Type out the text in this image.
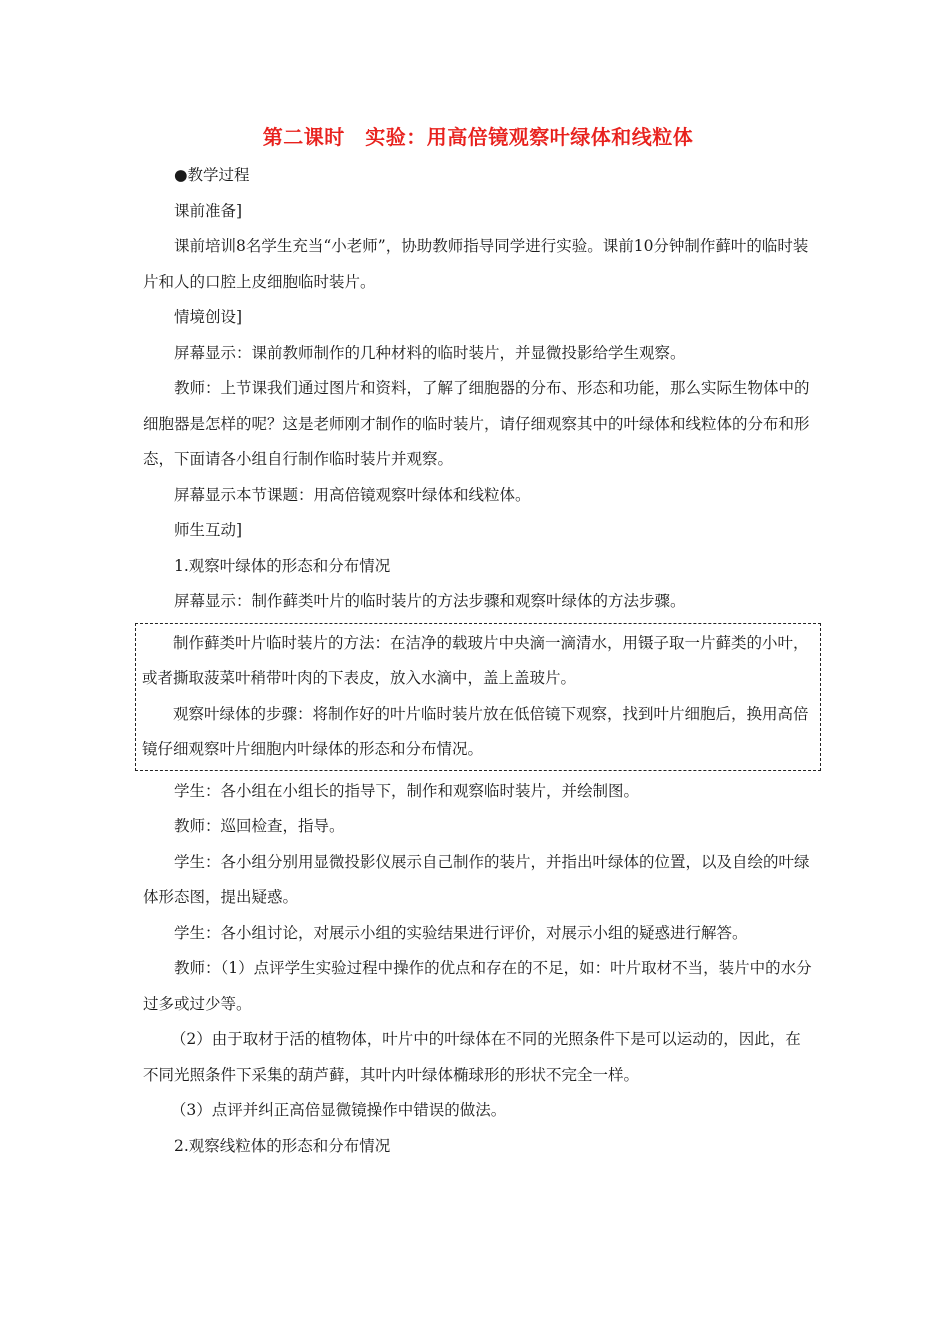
第二课时　实验：用高倍镜观察叶绿体和线粒体

●教学过程

课前准备]

课前培训8名学生充当“小老师”，协助教师指导同学进行实验。课前10分钟制作藓叶的临时装片和人的口腔上皮细胞临时装片。

情境创设]

屏幕显示：课前教师制作的几种材料的临时装片，并显微投影给学生观察。

教师：上节课我们通过图片和资料，了解了细胞器的分布、形态和功能，那么实际生物体中的细胞器是怎样的呢？这是老师刚才制作的临时装片，请仔细观察其中的叶绿体和线粒体的分布和形态，下面请各小组自行制作临时装片并观察。

屏幕显示本节课题：用高倍镜观察叶绿体和线粒体。

师生互动]

1.观察叶绿体的形态和分布情况

屏幕显示：制作藓类叶片的临时装片的方法步骤和观察叶绿体的方法步骤。

制作藓类叶片临时装片的方法：在洁净的载玻片中央滴一滴清水，用镊子取一片藓类的小叶，或者撕取菠菜叶稍带叶肉的下表皮，放入水滴中，盖上盖玻片。

观察叶绿体的步骤：将制作好的叶片临时装片放在低倍镜下观察，找到叶片细胞后，换用高倍镜仔细观察叶片细胞内叶绿体的形态和分布情况。

学生：各小组在小组长的指导下，制作和观察临时装片，并绘制图。

教师：巡回检查，指导。

学生：各小组分别用显微投影仪展示自己制作的装片，并指出叶绿体的位置，以及自绘的叶绿体形态图，提出疑惑。

学生：各小组讨论，对展示小组的实验结果进行评价，对展示小组的疑惑进行解答。

教师：（1）点评学生实验过程中操作的优点和存在的不足，如：叶片取材不当，装片中的水分过多或过少等。

（2）由于取材于活的植物体，叶片中的叶绿体在不同的光照条件下是可以运动的，因此，在不同光照条件下采集的葫芦藓，其叶内叶绿体椭球形的形状不完全一样。

（3）点评并纠正高倍显微镜操作中错误的做法。

2.观察线粒体的形态和分布情况
